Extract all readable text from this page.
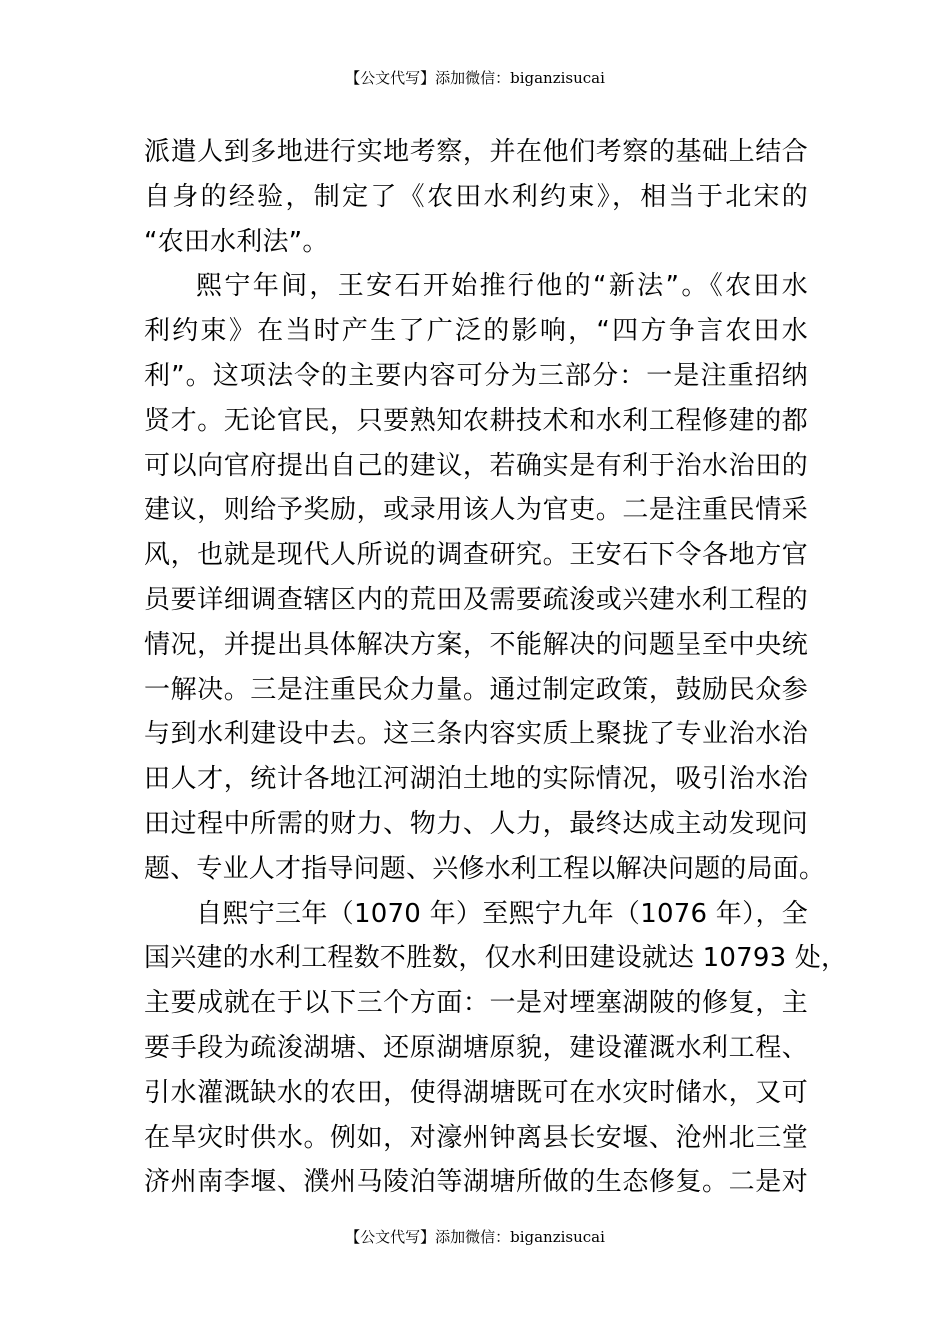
【公文代写】添加微信：biganzisucai
派遣人到多地进行实地考察，并在他们考察的基础上结合
自身的经验，制定了《农田水利约束》，相当于北宋的
“农田水利法”。
熙宁年间，王安石开始推行他的“新法”。《农田水
利约束》在当时产生了广泛的影响，“四方争言农田水
利”。这项法令的主要内容可分为三部分：一是注重招纳
贤才。无论官民，只要熟知农耕技术和水利工程修建的都
可以向官府提出自己的建议，若确实是有利于治水治田的
建议，则给予奖励，或录用该人为官吏。二是注重民情采
风，也就是现代人所说的调查研究。王安石下令各地方官
员要详细调查辖区内的荒田及需要疏浚或兴建水利工程的
情况，并提出具体解决方案，不能解决的问题呈至中央统
一解决。三是注重民众力量。通过制定政策，鼓励民众参
与到水利建设中去。这三条内容实质上聚拢了专业治水治
田人才，统计各地江河湖泊土地的实际情况，吸引治水治
田过程中所需的财力、物力、人力，最终达成主动发现问
题、专业人才指导问题、兴修水利工程以解决问题的局面。
自熙宁三年（1070 年）至熙宁九年（1076 年），全
国兴建的水利工程数不胜数，仅水利田建设就达 10793 处，
主要成就在于以下三个方面：一是对堙塞湖陂的修复，主
要手段为疏浚湖塘、还原湖塘原貌，建设灌溉水利工程、
引水灌溉缺水的农田，使得湖塘既可在水灾时储水，又可
在旱灾时供水。例如，对濠州钟离县长安堰、沧州北三堂
济州南李堰、濮州马陵泊等湖塘所做的生态修复。二是对
【公文代写】添加微信：biganzisucai
